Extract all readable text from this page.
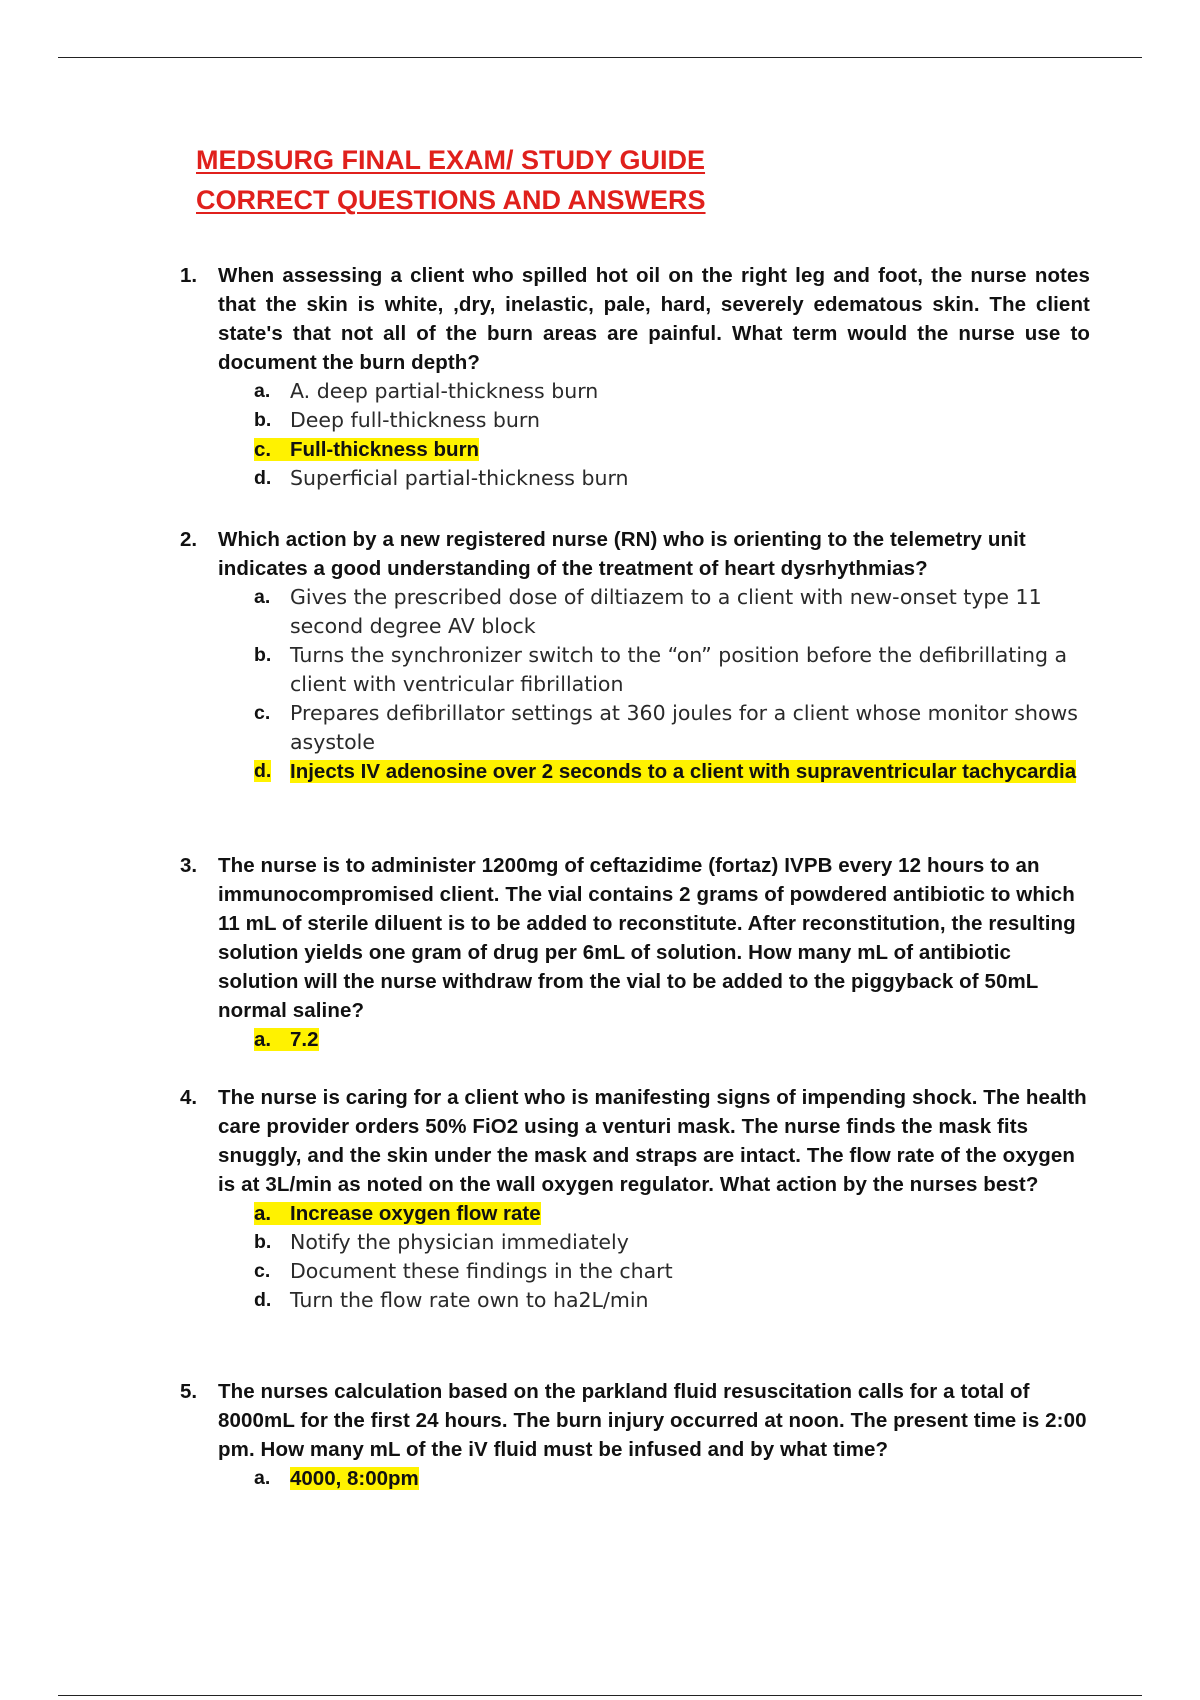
MEDSURG FINAL EXAM/ STUDY GUIDE
CORRECT QUESTIONS AND ANSWERS
1.	When assessing a client who spilled hot oil on the right leg and foot, the nurse notes that the skin is white, ,dry, inelastic, pale, hard, severely edematous skin. The client state's that not all of the burn areas are painful. What term would the nurse use to document the burn depth?
a. A. deep partial-thickness burn
b. Deep full-thickness burn
c. Full-thickness burn
d. Superficial partial-thickness burn
2.	Which action by a new registered nurse (RN) who is orienting to the telemetry unit indicates a good understanding of the treatment of heart dysrhythmias?
a. Gives the prescribed dose of diltiazem to a client with new-onset type 11 second degree AV block
b. Turns the synchronizer switch to the “on” position before the defibrillating a client with ventricular fibrillation
c. Prepares defibrillator settings at 360 joules for a client whose monitor shows asystole
d. Injects IV adenosine over 2 seconds to a client with supraventricular tachycardia
3.	The nurse is to administer 1200mg of ceftazidime (fortaz) IVPB every 12 hours to an immunocompromised client. The vial contains 2 grams of powdered antibiotic to which 11 mL of sterile diluent is to be added to reconstitute. After reconstitution, the resulting solution yields one gram of drug per 6mL of solution. How many mL of antibiotic solution will the nurse withdraw from the vial to be added to the piggyback of 50mL normal saline?
a. 7.2
4.	The nurse is caring for a client who is manifesting signs of impending shock. The health care provider orders 50% FiO2 using a venturi mask. The nurse finds the mask fits snuggly, and the skin under the mask and straps are intact. The flow rate of the oxygen is at 3L/min as noted on the wall oxygen regulator. What action by the nurses best?
a. Increase oxygen flow rate
b. Notify the physician immediately
c. Document these findings in the chart
d. Turn the flow rate own to ha2L/min
5.	The nurses calculation based on the parkland fluid resuscitation calls for a total of 8000mL for the first 24 hours. The burn injury occurred at noon. The present time is 2:00 pm. How many mL of the iV fluid must be infused and by what time?
a. 4000, 8:00pm
